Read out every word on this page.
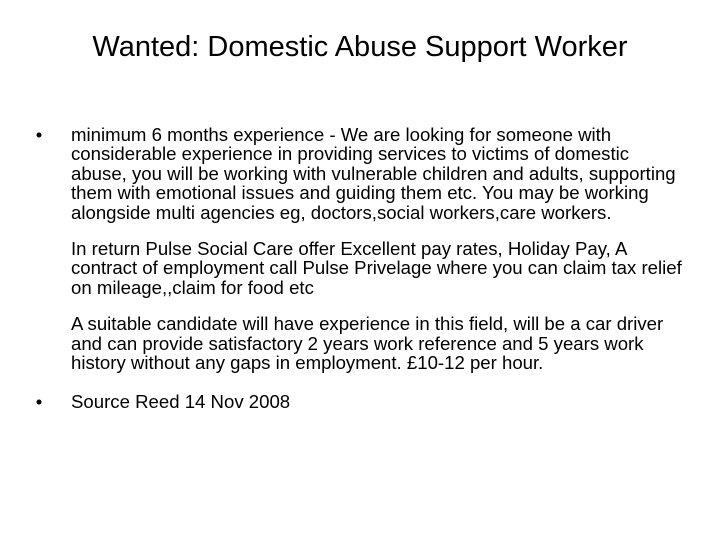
Wanted: Domestic Abuse Support Worker
•	minimum 6 months experience - We are looking for someone with considerable experience in providing services to victims of domestic abuse, you will be working with vulnerable children and adults, supporting them with emotional issues and guiding them etc. You may be working alongside multi agencies eg, doctors,social workers,care workers.
In return Pulse Social Care offer Excellent pay rates, Holiday Pay, A contract of employment call Pulse Privelage where you can claim tax relief on mileage,,claim for food etc
A suitable candidate will have experience in this field, will be a car driver and can provide satisfactory 2 years work reference and 5 years work history without any gaps in employment. £10-12 per hour.
•	Source Reed 14 Nov 2008
